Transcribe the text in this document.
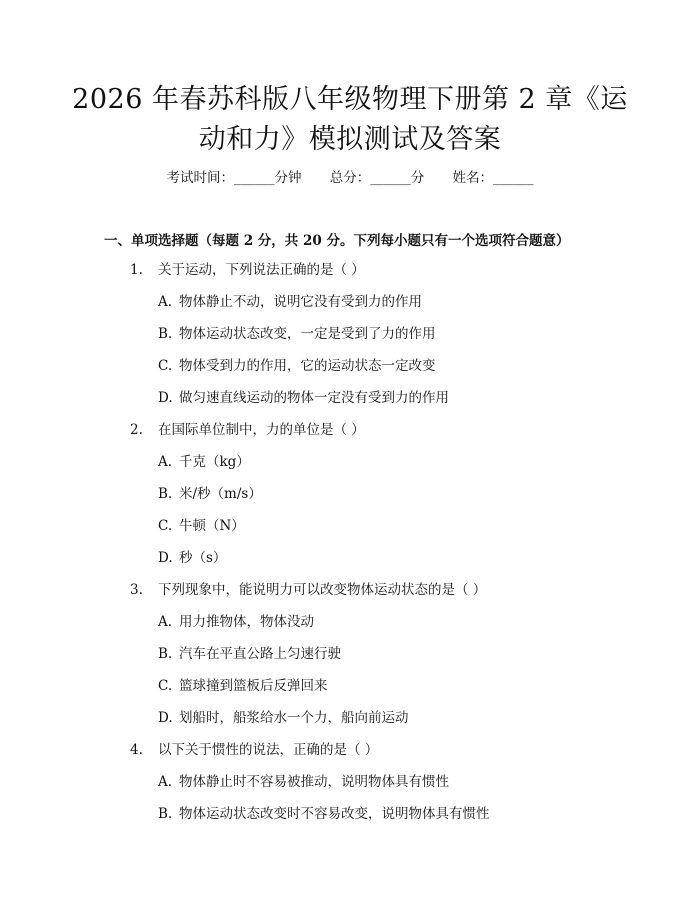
2026 年春苏科版八年级物理下册第 2 章《运动和力》模拟测试及答案
考试时间：______分钟 总分：______分 姓名：______
一、单项选择题（每题 2 分，共 20 分。下列每小题只有一个选项符合题意）
1. 关于运动，下列说法正确的是（ ）
A. 物体静止不动，说明它没有受到力的作用
B. 物体运动状态改变，一定是受到了力的作用
C. 物体受到力的作用，它的运动状态一定改变
D. 做匀速直线运动的物体一定没有受到力的作用
2. 在国际单位制中，力的单位是（ ）
A. 千克（kg）
B. 米/秒（m/s）
C. 牛顿（N）
D. 秒（s）
3. 下列现象中，能说明力可以改变物体运动状态的是（ ）
A. 用力推物体，物体没动
B. 汽车在平直公路上匀速行驶
C. 篮球撞到篮板后反弹回来
D. 划船时，船浆给水一个力，船向前运动
4. 以下关于惯性的说法，正确的是（ ）
A. 物体静止时不容易被推动，说明物体具有惯性
B. 物体运动状态改变时不容易改变，说明物体具有惯性
